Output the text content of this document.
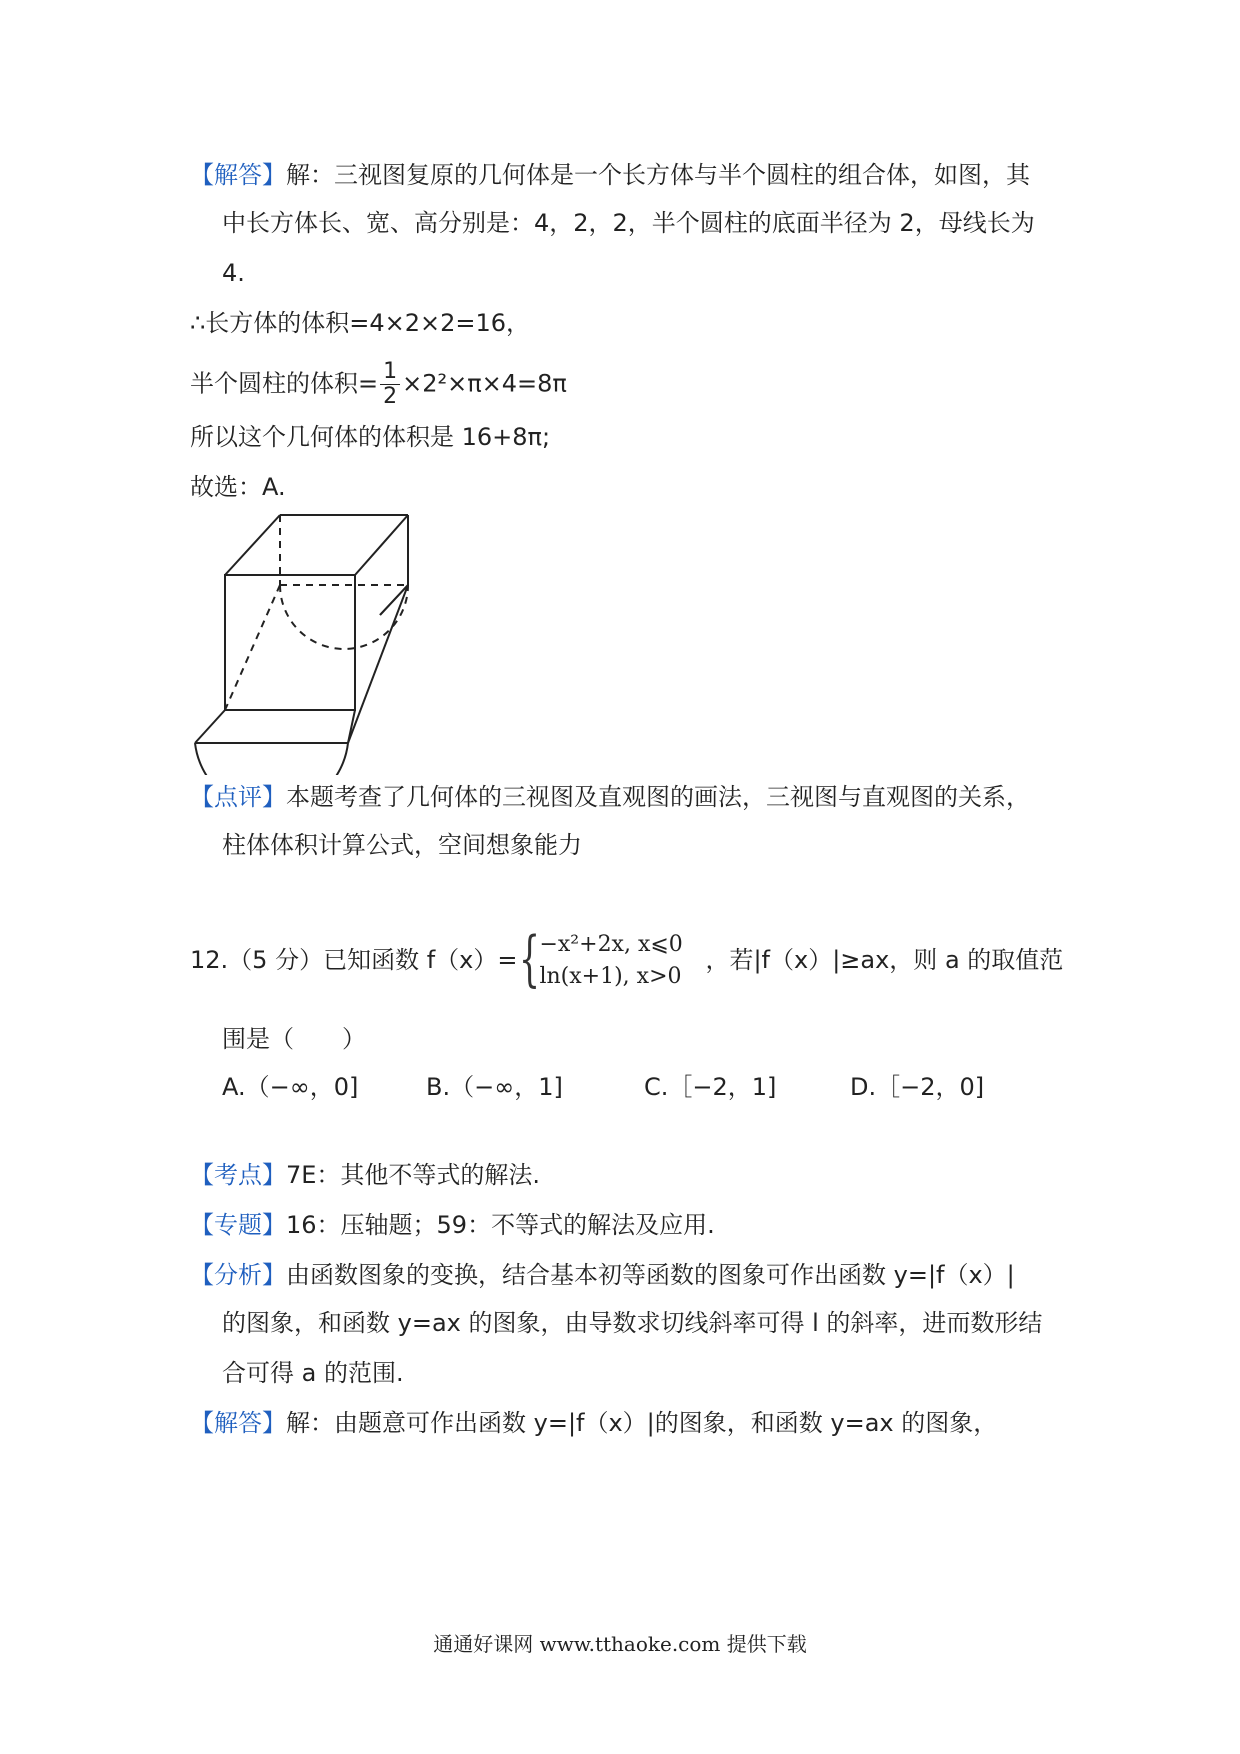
【解答】解：三视图复原的几何体是一个长方体与半个圆柱的组合体，如图，其
中长方体长、宽、高分别是：4，2，2，半个圆柱的底面半径为 2，母线长为
4.
∴长方体的体积=4×2×2=16，
半个圆柱的体积= $\frac{1}{2} \times 2^2\times\pi\times 4=8\pi$
所以这个几何体的体积是 16+8π;
故选：A.
【点评】本题考查了几何体的三视图及直观图的画法，三视图与直观图的关系，
柱体体积计算公式，空间想象能力
12.（5 分）已知函数 f（x）= {
−x²+2x, x⩽0
ln(x+1), x>0
，若|f（x）|≥ax，则 a 的取值范
围是（　　）
A.（−∞，0]	B.（−∞，1]	C.［−2，1]	D.［−2，0]
【考点】7E：其他不等式的解法.
【专题】16：压轴题；59：不等式的解法及应用.
【分析】由函数图象的变换，结合基本初等函数的图象可作出函数 y=|f（x）|
的图象，和函数 y=ax 的图象，由导数求切线斜率可得 l 的斜率，进而数形结
合可得 a 的范围.
【解答】解：由题意可作出函数 y=|f（x）|的图象，和函数 y=ax 的图象，
通通好课网 www.tthaoke.com 提供下载
